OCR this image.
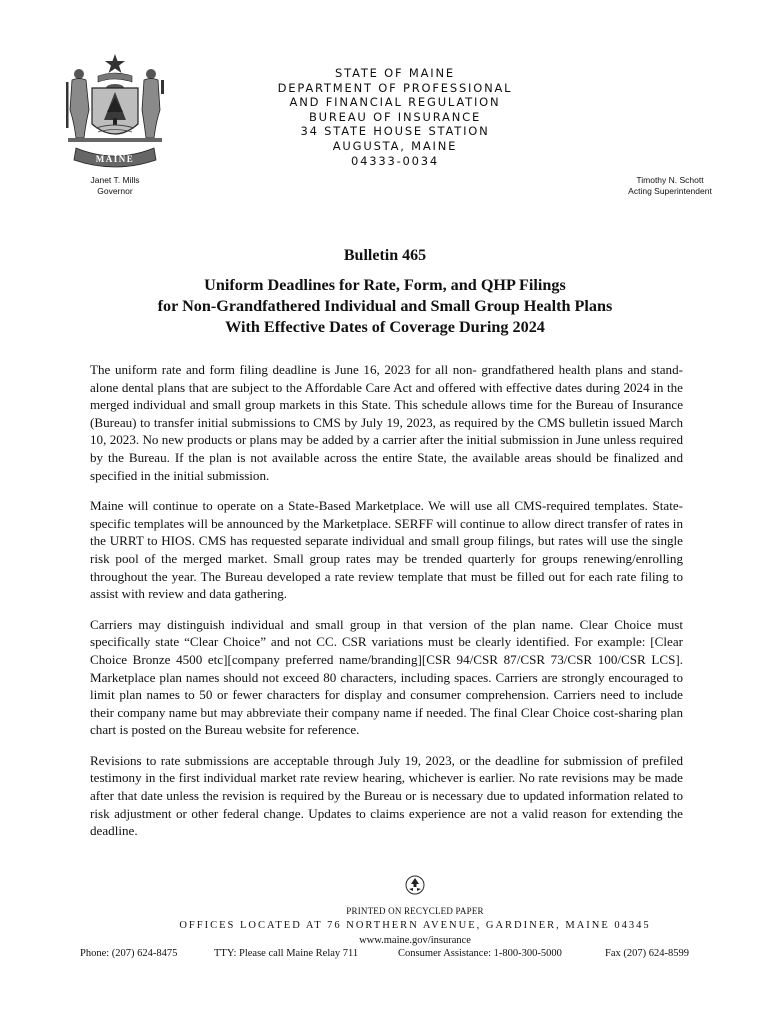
MAINE
STATE OF MAINE
DEPARTMENT OF PROFESSIONAL
AND FINANCIAL REGULATION
BUREAU OF INSURANCE
34 STATE HOUSE STATION
AUGUSTA, MAINE
04333-0034
Janet T. Mills
Governor
Timothy N. Schott
Acting Superintendent
Bulletin 465
Uniform Deadlines for Rate, Form, and QHP Filings
for Non-Grandfathered Individual and Small Group Health Plans
With Effective Dates of Coverage During 2024

The uniform rate and form filing deadline is June 16, 2023 for all non- grandfathered health plans and stand-alone dental plans that are subject to the Affordable Care Act and offered with effective dates during 2024 in the merged individual and small group markets in this State. This schedule allows time for the Bureau of Insurance (Bureau) to transfer initial submissions to CMS by July 19, 2023, as required by the CMS bulletin issued March 10, 2023. No new products or plans may be added by a carrier after the initial submission in June unless required by the Bureau. If the plan is not available across the entire State, the available areas should be finalized and specified in the initial submission.

Maine will continue to operate on a State-Based Marketplace. We will use all CMS-required templates. State-specific templates will be announced by the Marketplace. SERFF will continue to allow direct transfer of rates in the URRT to HIOS. CMS has requested separate individual and small group filings, but rates will use the single risk pool of the merged market. Small group rates may be trended quarterly for groups renewing/enrolling throughout the year. The Bureau developed a rate review template that must be filled out for each rate filing to assist with review and data gathering.

Carriers may distinguish individual and small group in that version of the plan name. Clear Choice must specifically state “Clear Choice” and not CC. CSR variations must be clearly identified. For example: [Clear Choice Bronze 4500 etc][company preferred name/branding][CSR 94/CSR 87/CSR 73/CSR 100/CSR LCS]. Marketplace plan names should not exceed 80 characters, including spaces. Carriers are strongly encouraged to limit plan names to 50 or fewer characters for display and consumer comprehension. Carriers need to include their company name but may abbreviate their company name if needed. The final Clear Choice cost-sharing plan chart is posted on the Bureau website for reference.

Revisions to rate submissions are acceptable through July 19, 2023, or the deadline for submission of prefiled testimony in the first individual market rate review hearing, whichever is earlier. No rate revisions may be made after that date unless the revision is required by the Bureau or is necessary due to updated information related to risk adjustment or other federal change. Updates to claims experience are not a valid reason for extending the deadline.

PRINTED ON RECYCLED PAPER
OFFICES LOCATED AT 76 NORTHERN AVENUE, GARDINER, MAINE 04345
www.maine.gov/insurance
Phone: (207) 624-8475	TTY: Please call Maine Relay 711	Consumer Assistance: 1-800-300-5000	Fax (207) 624-8599
